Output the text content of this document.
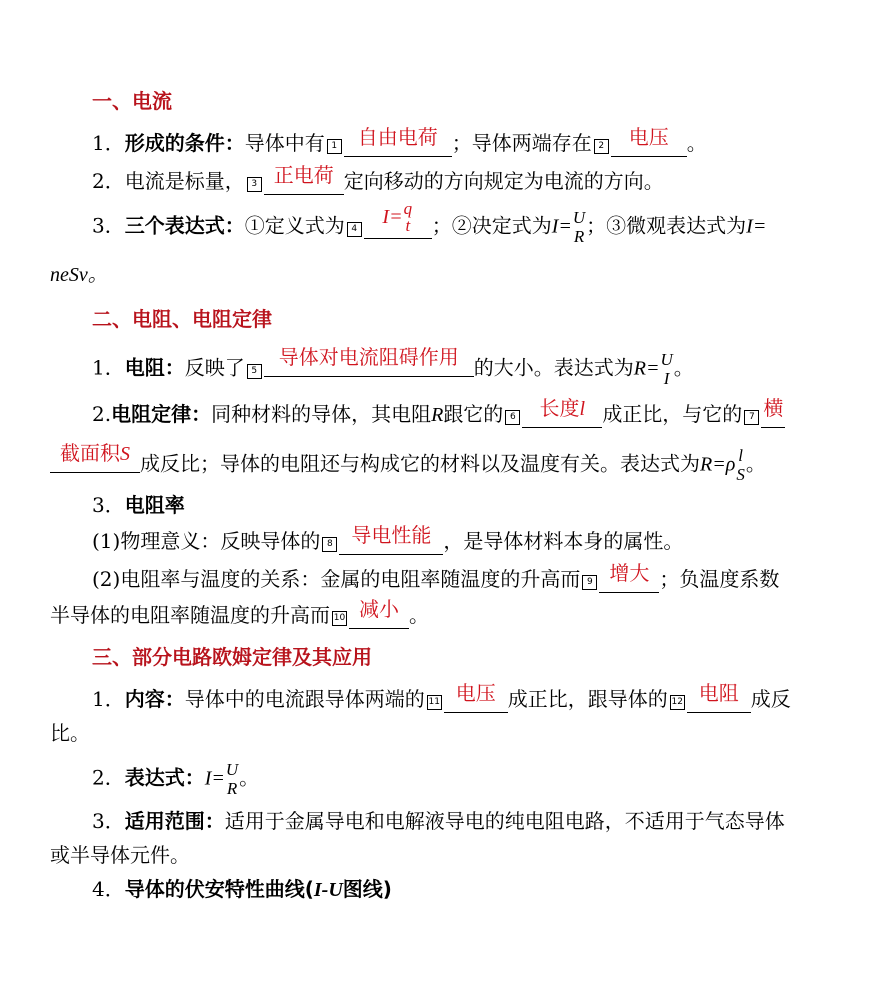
一、电流
1．形成的条件：导体中有 1 自由电荷 ；导体两端存在 2 电压 。
2．电流是标量， 3 正电荷 定向移动的方向规定为电流的方向。
3．三个表达式：①定义式为 4I= q
t ；②决定式为I= U
R ；③微观表达式为I=
neSv。
二、电阻、电阻定律
1．电阻：反映了 5导体对电流阻碍作用 的大小。表达式为R= U
I 。
2.电阻定律：同种材料的导体，其电阻R跟它的 6 长度l 成正比，与它的 7 横
截面积S 成反比；导体的电阻还与构成它的材料以及温度有关。表达式为R=ρ l
S 。
3．电阻率
(1)物理意义：反映导体的 8 导电性能 ，是导体材料本身的属性。
(2)电阻率与温度的关系：金属的电阻率随温度的升高而 9 增大 ；负温度系数
半导体的电阻率随温度的升高而 10 减小 。
三、部分电路欧姆定律及其应用
1．内容：导体中的电流跟导体两端的 11 电压 成正比，跟导体的 12 电阻 成反
比。
2．表达式：I= U
R 。
3．适用范围：适用于金属导电和电解液导电的纯电阻电路，不适用于气态导体
或半导体元件。
4．导体的伏安特性曲线(I-U图线)
